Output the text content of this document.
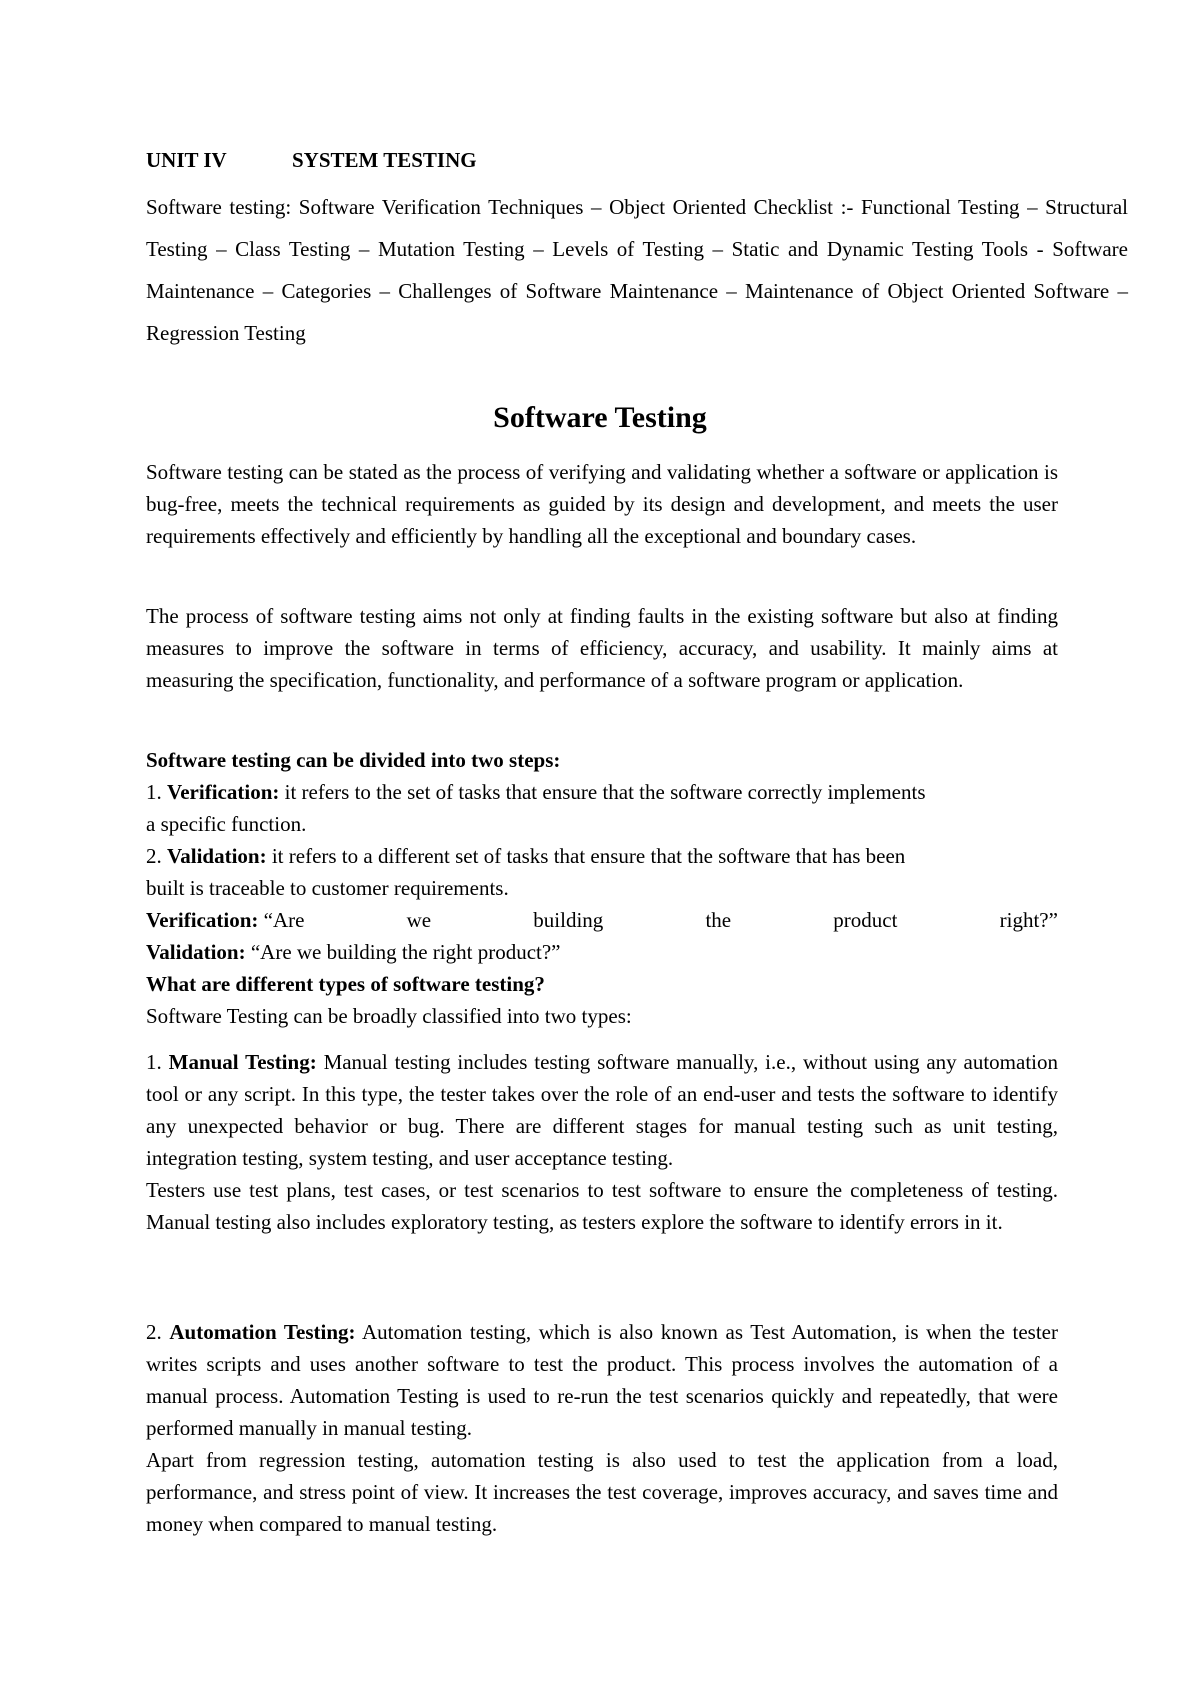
UNIT IV	SYSTEM TESTING
Software testing: Software Verification Techniques – Object Oriented Checklist :- Functional Testing – Structural Testing – Class Testing – Mutation Testing – Levels of Testing – Static and Dynamic Testing Tools - Software Maintenance – Categories – Challenges of Software Maintenance – Maintenance of Object Oriented Software – Regression Testing
Software Testing
Software testing can be stated as the process of verifying and validating whether a software or application is bug-free, meets the technical requirements as guided by its design and development, and meets the user requirements effectively and efficiently by handling all the exceptional and boundary cases.
The process of software testing aims not only at finding faults in the existing software but also at finding measures to improve the software in terms of efficiency, accuracy, and usability. It mainly aims at measuring the specification, functionality, and performance of a software program or application.
Software testing can be divided into two steps:
1. Verification: it refers to the set of tasks that ensure that the software correctly implements
a specific function.
2. Validation: it refers to a different set of tasks that ensure that the software that has been
built is traceable to customer requirements.
Verification: “Are	we	building	the	product	right?”
Validation: “Are we building the right product?”
What are different types of software testing?
Software Testing can be broadly classified into two types:
1. Manual Testing: Manual testing includes testing software manually, i.e., without using any automation tool or any script. In this type, the tester takes over the role of an end-user and tests the software to identify any unexpected behavior or bug. There are different stages for manual testing such as unit testing, integration testing, system testing, and user acceptance testing.
Testers use test plans, test cases, or test scenarios to test software to ensure the completeness of testing. Manual testing also includes exploratory testing, as testers explore the software to identify errors in it.
2. Automation Testing: Automation testing, which is also known as Test Automation, is when the tester writes scripts and uses another software to test the product. This process involves the automation of a manual process. Automation Testing is used to re-run the test scenarios quickly and repeatedly, that were performed manually in manual testing.
Apart from regression testing, automation testing is also used to test the application from a load, performance, and stress point of view. It increases the test coverage, improves accuracy, and saves time and money when compared to manual testing.
